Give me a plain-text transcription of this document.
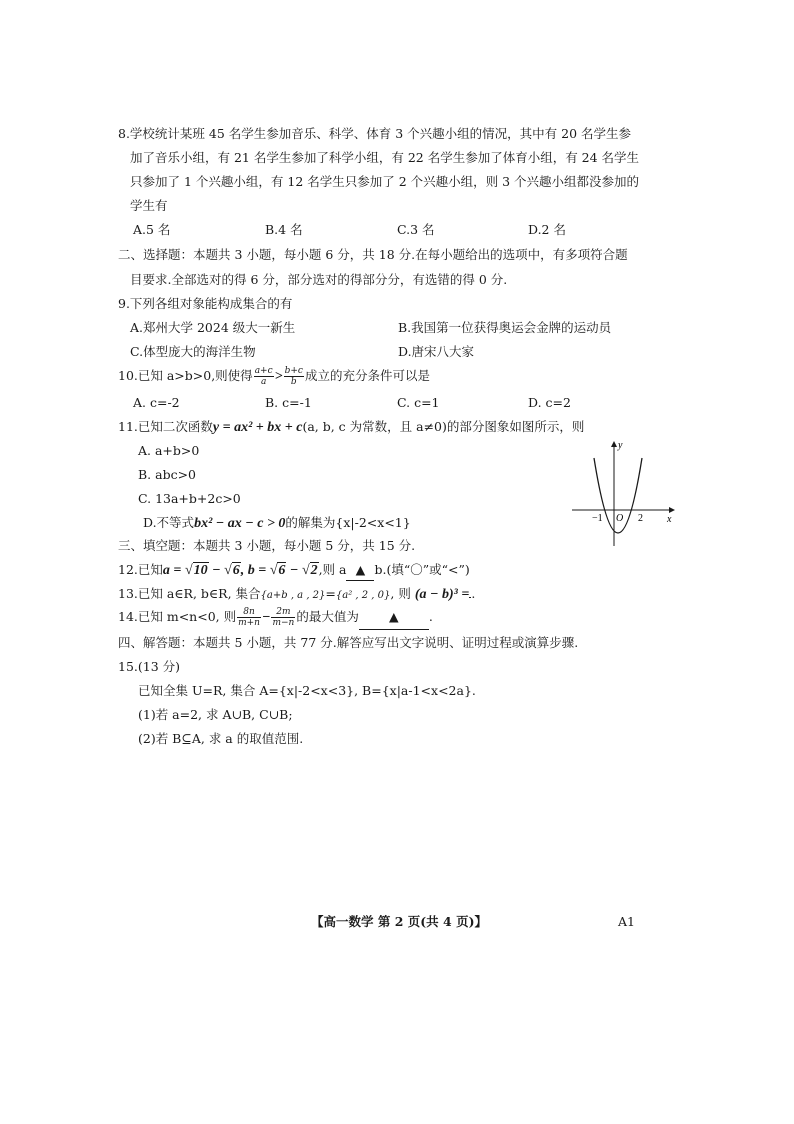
8.学校统计某班 45 名学生参加音乐、科学、体育 3 个兴趣小组的情况，其中有 20 名学生参
加了音乐小组，有 21 名学生参加了科学小组，有 22 名学生参加了体育小组，有 24 名学生
只参加了 1 个兴趣小组，有 12 名学生只参加了 2 个兴趣小组，则 3 个兴趣小组都没参加的
学生有
A.5 名	B.4 名	C.3 名	D.2 名
二、选择题：本题共 3 小题，每小题 6 分，共 18 分.在每小题给出的选项中，有多项符合题
目要求.全部选对的得 6 分，部分选对的得部分分，有选错的得 0 分.
9.下列各组对象能构成集合的有
A.郑州大学 2024 级大一新生	B.我国第一位获得奥运会金牌的运动员
C.体型庞大的海洋生物	D.唐宋八大家
10.已知 a>b>0,则使得 $\frac{a+c}{a} > \frac{b+c}{b}$ 成立的充分条件可以是
A. c=-2	B. c=-1	C. c=1	D. c=2
11.已知二次函数y = ax² + bx + c(a, b, c 为常数，且 a≠0)的部分图象如图所示，则
A. a+b>0
B. abc>0
C. 13a+b+2c>0
D.不等式bx² − ax − c > 0的解集为{x|-2<x<1}
y
x
O
−1	2
三、填空题：本题共 3 小题，每小题 5 分，共 15 分.
12.已知a = √10 − √6, b = √6 − √2,则 a ▲ b.(填“〇”或“<”)
13.已知 a∈R, b∈R, 集合{a+b , a , 2}={a² , 2 , 0}, 则 (a − b)³ = .
14.已知 m<n<0, 则 $\frac{8n}{m+n} - \frac{2m}{m-n}$ 的最大值为 ▲ .
四、解答题：本题共 5 小题，共 77 分.解答应写出文字说明、证明过程或演算步骤.
15.(13 分)
已知全集 U=R, 集合 A={x|-2<x<3}, B={x|a-1<x<2a}.
(1)若 a=2, 求 A∪B, C∪B;
(2)若 B⊆A, 求 a 的取值范围.
【高一数学 第 2 页(共 4 页)】	A1
